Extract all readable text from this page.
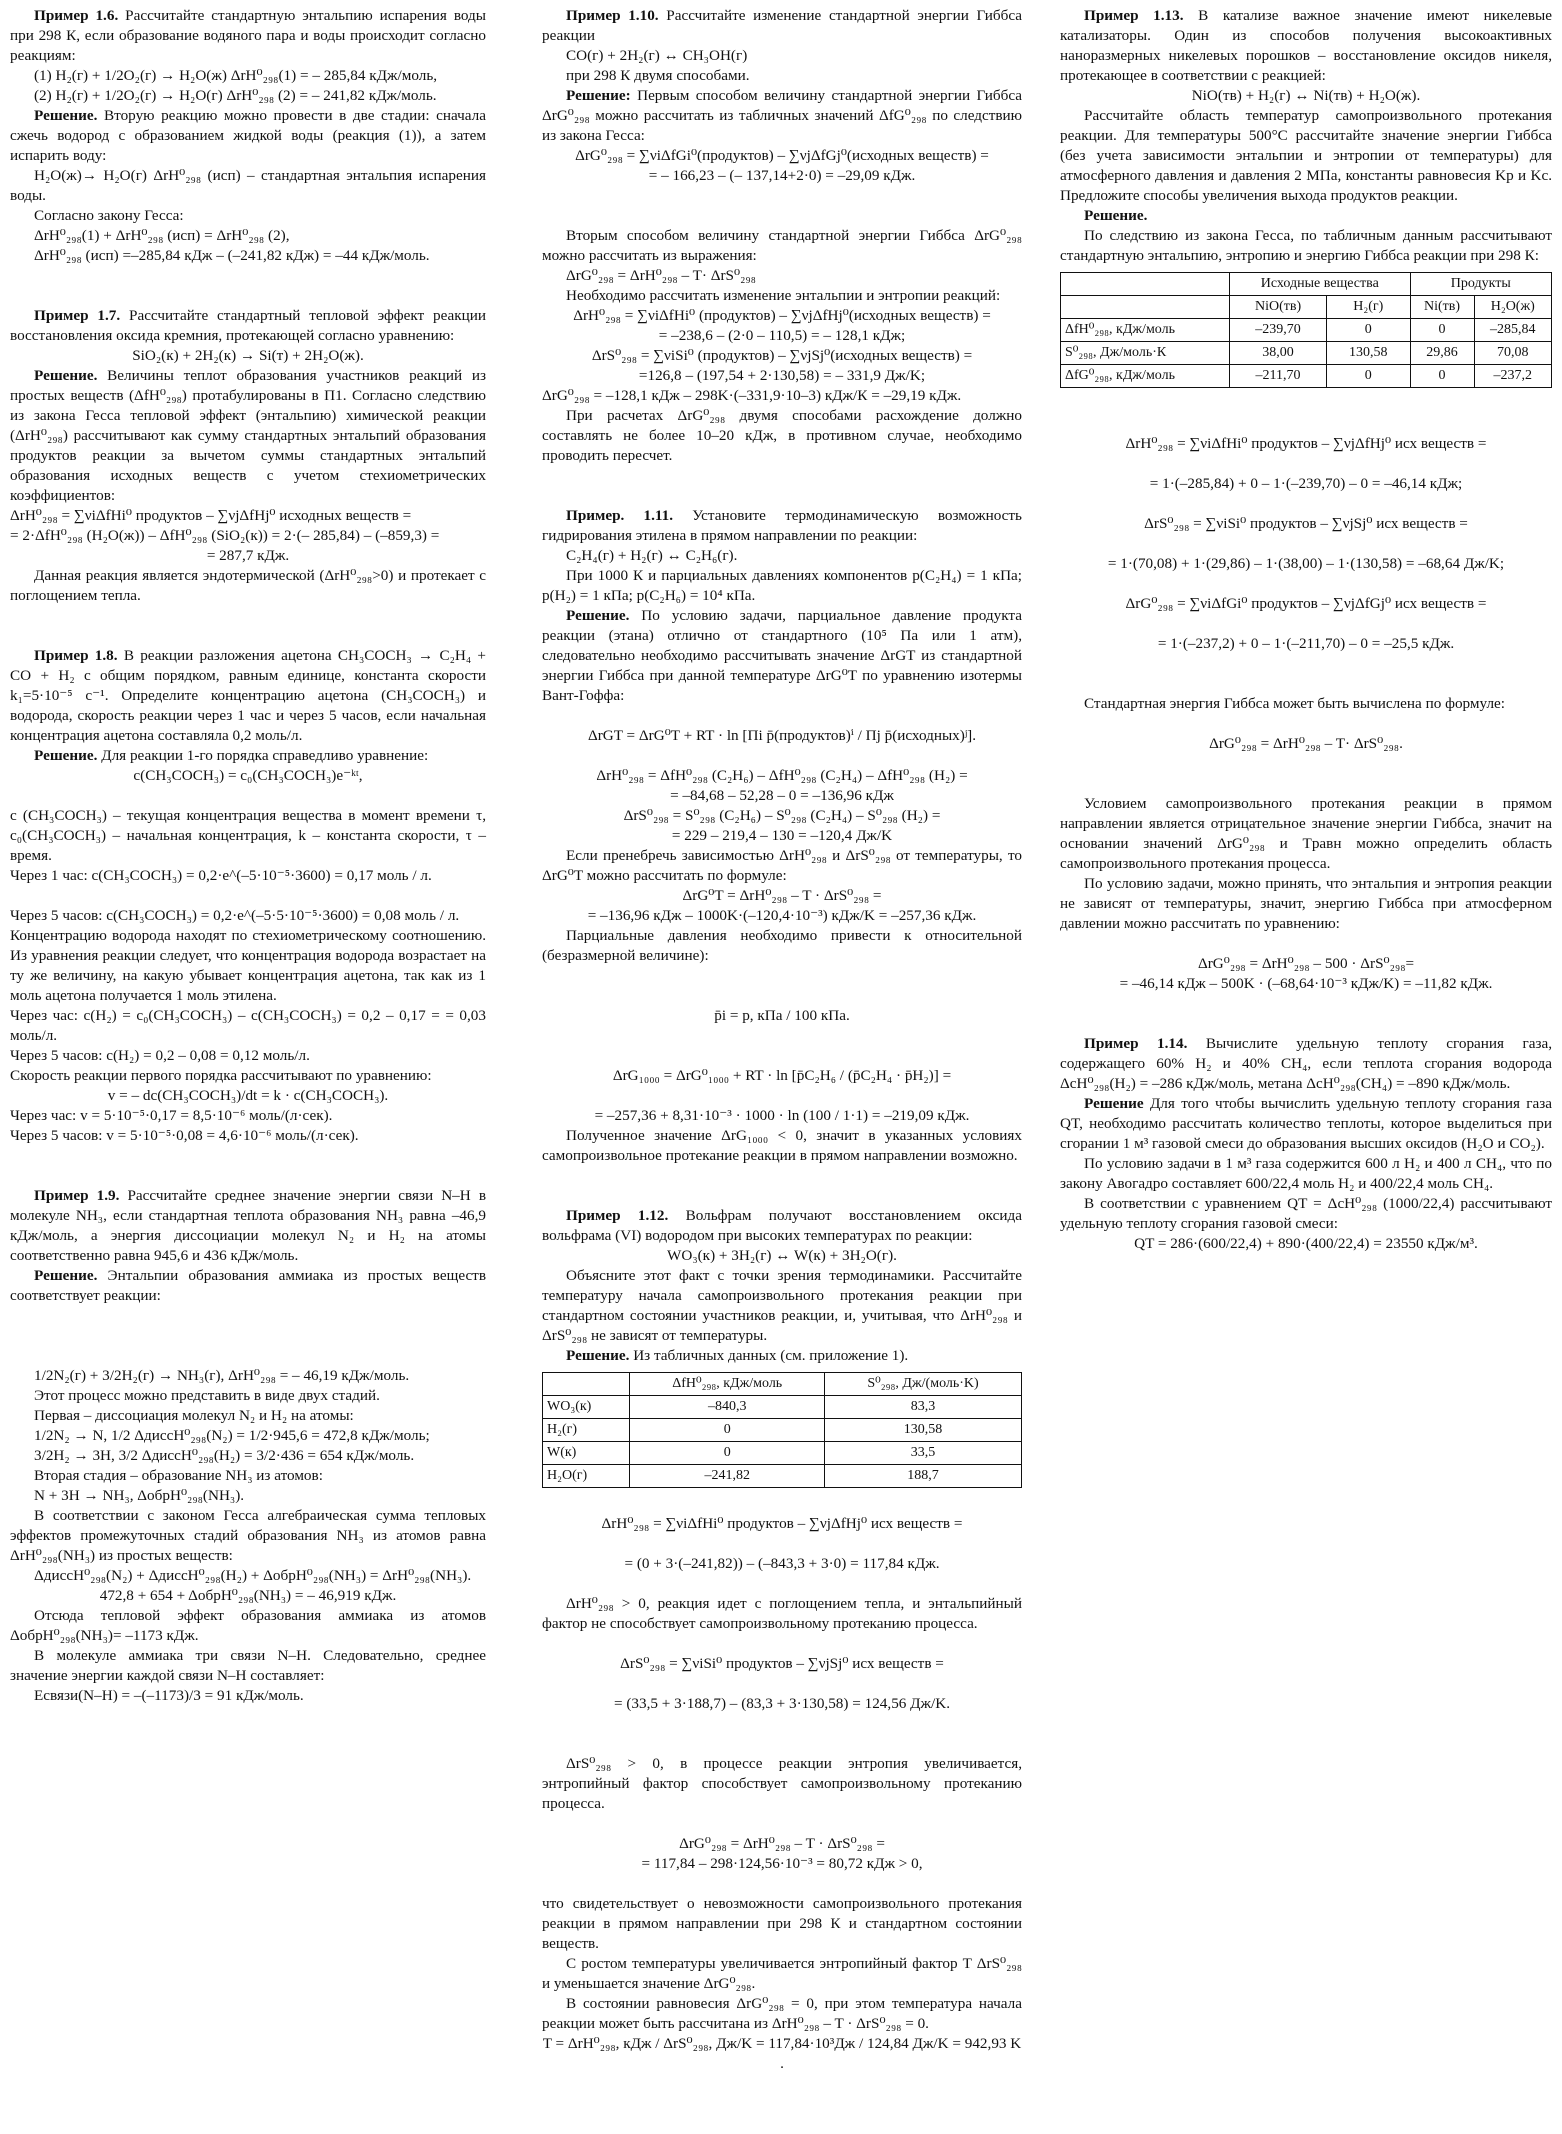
Пример 1.6. Рассчитайте стандартную энтальпию испарения воды при 298 К, если образование водяного пара и воды происходит согласно реакциям:

(1) H₂(г) + 1/2O₂(г) → H₂O(ж) ΔrH⁰₂₉₈(1) = – 285,84 кДж/моль,

(2) H₂(г) + 1/2O₂(г) → H₂O(г) ΔrH⁰₂₉₈ (2) = – 241,82 кДж/моль.

Решение. Вторую реакцию можно провести в две стадии: сначала сжечь водород с образованием жидкой воды (реакция (1)), а затем испарить воду:

H₂O(ж)→ H₂O(г) ΔrH⁰₂₉₈ (исп) – стандартная энтальпия испарения воды.

Согласно закону Гесса:

ΔrH⁰₂₉₈(1) + ΔrH⁰₂₉₈ (исп) = ΔrH⁰₂₉₈ (2),

ΔrH⁰₂₉₈ (исп) =–285,84 кДж – (–241,82 кДж) = –44 кДж/моль.

Пример 1.7. Рассчитайте стандартный тепловой эффект реакции восстановления оксида кремния, протекающей согласно уравнению:

SiO₂(к) + 2H₂(к) → Si(т) + 2H₂O(ж).

Решение. Величины теплот образования участников реакций из простых веществ (ΔfH⁰₂₉₈) протабулированы в П1. Согласно следствию из закона Гесса тепловой эффект (энтальпию) химической реакции (ΔrH⁰₂₉₈) рассчитывают как сумму стандартных энтальпий образования продуктов реакции за вычетом суммы стандартных энтальпий образования исходных веществ с учетом стехиометрических коэффициентов:

ΔrH⁰₂₉₈ = ∑νiΔfHi⁰ продуктов – ∑νjΔfHj⁰ исходных веществ =

= 2·ΔfH⁰₂₉₈ (H₂O(ж)) – ΔfH⁰₂₉₈ (SiO₂(к)) = 2·(– 285,84) – (–859,3) =

= 287,7 кДж.

Данная реакция является эндотермической (ΔrH⁰₂₉₈>0) и протекает с поглощением тепла.

Пример 1.8. В реакции разложения ацетона CH₃COCH₃ → C₂H₄ + CO + H₂ с общим порядком, равным единице, константа скорости k₁=5·10⁻⁵ c⁻¹. Определите концентрацию ацетона (CH₃COCH₃) и водорода, скорость реакции через 1 час и через 5 часов, если начальная концентрация ацетона составляла 0,2 моль/л.

Решение. Для реакции 1-го порядка справедливо уравнение:

c(CH₃COCH₃) = c₀(CH₃COCH₃)e⁻ᵏᵗ,

c (CH₃COCH₃) – текущая концентрация вещества в момент времени τ, c₀(CH₃COCH₃) – начальная концентрация, k – константа скорости, τ – время.

Через 1 час: c(CH₃COCH₃) = 0,2·e^(–5·10⁻⁵·3600) = 0,17 моль / л.

Через 5 часов: c(CH₃COCH₃) = 0,2·e^(–5·5·10⁻⁵·3600) = 0,08 моль / л.

Концентрацию водорода находят по стехиометрическому соотношению. Из уравнения реакции следует, что концентрация водорода возрастает на ту же величину, на какую убывает концентрация ацетона, так как из 1 моль ацетона получается 1 моль этилена.

Через час: c(H₂) = c₀(CH₃COCH₃) – c(CH₃COCH₃) = 0,2 – 0,17 = = 0,03 моль/л.

Через 5 часов: c(H₂) = 0,2 – 0,08 = 0,12 моль/л.

Скорость реакции первого порядка рассчитывают по уравнению:

v = – dc(CH₃COCH₃)/dt = k · c(CH₃COCH₃).

Через час: v = 5·10⁻⁵·0,17 = 8,5·10⁻⁶ моль/(л·сек).

Через 5 часов: v = 5·10⁻⁵·0,08 = 4,6·10⁻⁶ моль/(л·сек).

Пример 1.9. Рассчитайте среднее значение энергии связи N–H в молекуле NH₃, если стандартная теплота образования NH₃ равна –46,9 кДж/моль, а энергия диссоциации молекул N₂ и H₂ на атомы соответственно равна 945,6 и 436 кДж/моль.

Решение. Энтальпии образования аммиака из простых веществ соответствует реакции:

1/2N₂(г) + 3/2H₂(г) → NH₃(г), ΔrH⁰₂₉₈ = – 46,19 кДж/моль.

Этот процесс можно представить в виде двух стадий.

Первая – диссоциация молекул N₂ и H₂ на атомы:

1/2N₂ → N, 1/2 ΔдиссH⁰₂₉₈(N₂) = 1/2·945,6 = 472,8 кДж/моль;

3/2H₂ → 3H, 3/2 ΔдиссH⁰₂₉₈(H₂) = 3/2·436 = 654 кДж/моль.

Вторая стадия – образование NH₃ из атомов:

N + 3H → NH₃, ΔобрH⁰₂₉₈(NH₃).

В соответствии с законом Гесса алгебраическая сумма тепловых эффектов промежуточных стадий образования NH₃ из атомов равна ΔrH⁰₂₉₈(NH₃) из простых веществ:

ΔдиссH⁰₂₉₈(N₂) + ΔдиссH⁰₂₉₈(H₂) + ΔобрH⁰₂₉₈(NH₃) = ΔrH⁰₂₉₈(NH₃).

472,8 + 654 + ΔобрH⁰₂₉₈(NH₃) = – 46,919 кДж.

Отсюда тепловой эффект образования аммиака из атомов ΔобрH⁰₂₉₈(NH₃)= –1173 кДж.

В молекуле аммиака три связи N–H. Следовательно, среднее значение энергии каждой связи N–H составляет:

Eсвязи(N–H) = –(–1173)/3 = 91 кДж/моль.

Пример 1.10. Рассчитайте изменение стандартной энергии Гиббса реакции

CO(г) + 2H₂(г) ↔ CH₃OH(г)

при 298 К двумя способами.

Решение: Первым способом величину стандартной энергии Гиббса ΔrG⁰₂₉₈ можно рассчитать из табличных значений ΔfG⁰₂₉₈ по следствию из закона Гесса:

ΔrG⁰₂₉₈ = ∑νiΔfGi⁰(продуктов) – ∑νjΔfGj⁰(исходных веществ) =

= – 166,23 – (– 137,14+2·0) = –29,09 кДж.

Вторым способом величину стандартной энергии Гиббса ΔrG⁰₂₉₈ можно рассчитать из выражения:

ΔrG⁰₂₉₈ = ΔrH⁰₂₉₈ – T· ΔrS⁰₂₉₈

Необходимо рассчитать изменение энтальпии и энтропии реакций:

ΔrH⁰₂₉₈ = ∑νiΔfHi⁰ (продуктов) – ∑νjΔfHj⁰(исходных веществ) =

= –238,6 – (2·0 – 110,5) = – 128,1 кДж;

ΔrS⁰₂₉₈ = ∑νiSi⁰ (продуктов) – ∑νjSj⁰(исходных веществ) =

=126,8 – (197,54 + 2·130,58) = – 331,9 Дж/K;

ΔrG⁰₂₉₈ = –128,1 кДж – 298K·(–331,9·10–3) кДж/К = –29,19 кДж.

При расчетах ΔrG⁰₂₉₈ двумя способами расхождение должно составлять не более 10–20 кДж, в противном случае, необходимо проводить пересчет.

Пример. 1.11. Установите термодинамическую возможность гидрирования этилена в прямом направлении по реакции:

C₂H₄(г) + H₂(г) ↔ C₂H₆(г).

При 1000 К и парциальных давлениях компонентов p(C₂H₄) = 1 кПа; p(H₂) = 1 кПа; p(C₂H₆) = 10⁴ кПа.

Решение. По условию задачи, парциальное давление продукта реакции (этана) отлично от стандартного (10⁵ Па или 1 атм), следовательно необходимо рассчитывать значение ΔrGT из стандартной энергии Гиббса при данной температуре ΔrG⁰T по уравнению изотермы Вант-Гоффа:

ΔrGT = ΔrG⁰T + RT · ln [Πi p̄(продуктов)ⁱ / Πj p̄(исходных)ʲ].

ΔrH⁰₂₉₈ = ΔfH⁰₂₉₈ (C₂H₆) – ΔfH⁰₂₉₈ (C₂H₄) – ΔfH⁰₂₉₈ (H₂) =

= –84,68 – 52,28 – 0 = –136,96 кДж

ΔrS⁰₂₉₈ = S⁰₂₉₈ (C₂H₆) – S⁰₂₉₈ (C₂H₄) – S⁰₂₉₈ (H₂) =

= 229 – 219,4 – 130 = –120,4 Дж/K

Если пренебречь зависимостью ΔrH⁰₂₉₈ и ΔrS⁰₂₉₈ от температуры, то ΔrG⁰T можно рассчитать по формуле:

ΔrG⁰T = ΔrH⁰₂₉₈ – T · ΔrS⁰₂₉₈ =

= –136,96 кДж – 1000K·(–120,4·10⁻³) кДж/K = –257,36 кДж.

Парциальные давления необходимо привести к относительной (безразмерной величине):

p̄i = p, кПа / 100 кПа.

ΔrG₁₀₀₀ = ΔrG⁰₁₀₀₀ + RT · ln [p̄C₂H₆ / (p̄C₂H₄ · p̄H₂)] =

= –257,36 + 8,31·10⁻³ · 1000 · ln (100 / 1·1) = –219,09 кДж.

Полученное значение ΔrG₁₀₀₀ < 0, значит в указанных условиях самопроизвольное протекание реакции в прямом направлении возможно.

Пример 1.12. Вольфрам получают восстановлением оксида вольфрама (VI) водородом при высоких температурах по реакции:

WO₃(к) + 3H₂(г) ↔ W(к) + 3H₂O(г).

Объясните этот факт с точки зрения термодинамики. Рассчитайте температуру начала самопроизвольного протекания реакции при стандартном состоянии участников реакции, и, учитывая, что ΔrH⁰₂₉₈ и ΔrS⁰₂₉₈ не зависят от температуры.

Решение. Из табличных данных (см. приложение 1).

	ΔfH⁰₂₉₈, кДж/моль	S⁰₂₉₈, Дж/(моль·K)
WO₃(к)	–840,3	83,3
H₂(г)	0	130,58
W(к)	0	33,5
H₂O(г)	–241,82	188,7

ΔrH⁰₂₉₈ = ∑νiΔfHi⁰ продуктов – ∑νjΔfHj⁰ исх веществ =

= (0 + 3·(–241,82)) – (–843,3 + 3·0) = 117,84 кДж.

ΔrH⁰₂₉₈ > 0, реакция идет с поглощением тепла, и энтальпийный фактор не способствует самопроизвольному протеканию процесса.

ΔrS⁰₂₉₈ = ∑νiSi⁰ продуктов – ∑νjSj⁰ исх веществ =

= (33,5 + 3·188,7) – (83,3 + 3·130,58) = 124,56 Дж/K.

ΔrS⁰₂₉₈ > 0, в процессе реакции энтропия увеличивается, энтропийный фактор способствует самопроизвольному протеканию процесса.

ΔrG⁰₂₉₈ = ΔrH⁰₂₉₈ – T · ΔrS⁰₂₉₈ =

= 117,84 – 298·124,56·10⁻³ = 80,72 кДж > 0,

что свидетельствует о невозможности самопроизвольного протекания реакции в прямом направлении при 298 К и стандартном состоянии веществ.

С ростом температуры увеличивается энтропийный фактор T ΔrS⁰₂₉₈ и уменьшается значение ΔrG⁰₂₉₈.

В состоянии равновесия ΔrG⁰₂₉₈ = 0, при этом температура начала реакции может быть рассчитана из ΔrH⁰₂₉₈ – T · ΔrS⁰₂₉₈ = 0.

T = ΔrH⁰₂₉₈, кДж / ΔrS⁰₂₉₈, Дж/K = 117,84·10³Дж / 124,84 Дж/K = 942,93 K .

Пример 1.13. В катализе важное значение имеют никелевые катализаторы. Один из способов получения высокоактивных наноразмерных никелевых порошков – восстановление оксидов никеля, протекающее в соответствии с реакцией:

NiO(тв) + H₂(г) ↔ Ni(тв) + H₂O(ж).

Рассчитайте область температур самопроизвольного протекания реакции. Для температуры 500°C рассчитайте значение энергии Гиббса (без учета зависимости энтальпии и энтропии от температуры) для атмосферного давления и давления 2 МПа, константы равновесия Kp и Kc. Предложите способы увеличения выхода продуктов реакции.

Решение.

По следствию из закона Гесса, по табличным данным рассчитывают стандартную энтальпию, энтропию и энергию Гиббса реакции при 298 К:

	Исходные вещества		Продукты	
	NiO(тв)	H₂(г)	Ni(тв)	H₂O(ж)
ΔfH⁰₂₉₈, кДж/моль	–239,70	0	0	–285,84
S⁰₂₉₈, Дж/моль·К	38,00	130,58	29,86	70,08
ΔfG⁰₂₉₈, кДж/моль	–211,70	0	0	–237,2

ΔrH⁰₂₉₈ = ∑νiΔfHi⁰ продуктов – ∑νjΔfHj⁰ исх веществ =

= 1·(–285,84) + 0 – 1·(–239,70) – 0 = –46,14 кДж;

ΔrS⁰₂₉₈ = ∑νiSi⁰ продуктов – ∑νjSj⁰ исх веществ =

= 1·(70,08) + 1·(29,86) – 1·(38,00) – 1·(130,58) = –68,64 Дж/K;

ΔrG⁰₂₉₈ = ∑νiΔfGi⁰ продуктов – ∑νjΔfGj⁰ исх веществ =

= 1·(–237,2) + 0 – 1·(–211,70) – 0 = –25,5 кДж.

Стандартная энергия Гиббса может быть вычислена по формуле:

ΔrG⁰₂₉₈ = ΔrH⁰₂₉₈ – T· ΔrS⁰₂₉₈.

Условием самопроизвольного протекания реакции в прямом направлении является отрицательное значение энергии Гиббса, значит на основании значений ΔrG⁰₂₉₈ и Tравн можно определить область самопроизвольного протекания процесса.

По условию задачи, можно принять, что энтальпия и энтропия реакции не зависят от температуры, значит, энергию Гиббса при атмосферном давлении можно рассчитать по уравнению:

ΔrG⁰₂₉₈ = ΔrH⁰₂₉₈ – 500 · ΔrS⁰₂₉₈=

= –46,14 кДж – 500K · (–68,64·10⁻³ кДж/K) = –11,82 кДж.

Пример 1.14. Вычислите удельную теплоту сгорания газа, содержащего 60% H₂ и 40% CH₄, если теплота сгорания водорода ΔcH⁰₂₉₈(H₂) = –286 кДж/моль, метана ΔcH⁰₂₉₈(CH₄) = –890 кДж/моль.

Решение Для того чтобы вычислить удельную теплоту сгорания газа QT, необходимо рассчитать количество теплоты, которое выделиться при сгорании 1 м³ газовой смеси до образования высших оксидов (H₂O и CO₂).

По условию задачи в 1 м³ газа содержится 600 л H₂ и 400 л CH₄, что по закону Авогадро составляет 600/22,4 моль H₂ и 400/22,4 моль CH₄.

В соответствии с уравнением QT = ΔcH⁰₂₉₈ (1000/22,4) рассчитывают удельную теплоту сгорания газовой смеси:

QT = 286·(600/22,4) + 890·(400/22,4) = 23550 кДж/м³.
